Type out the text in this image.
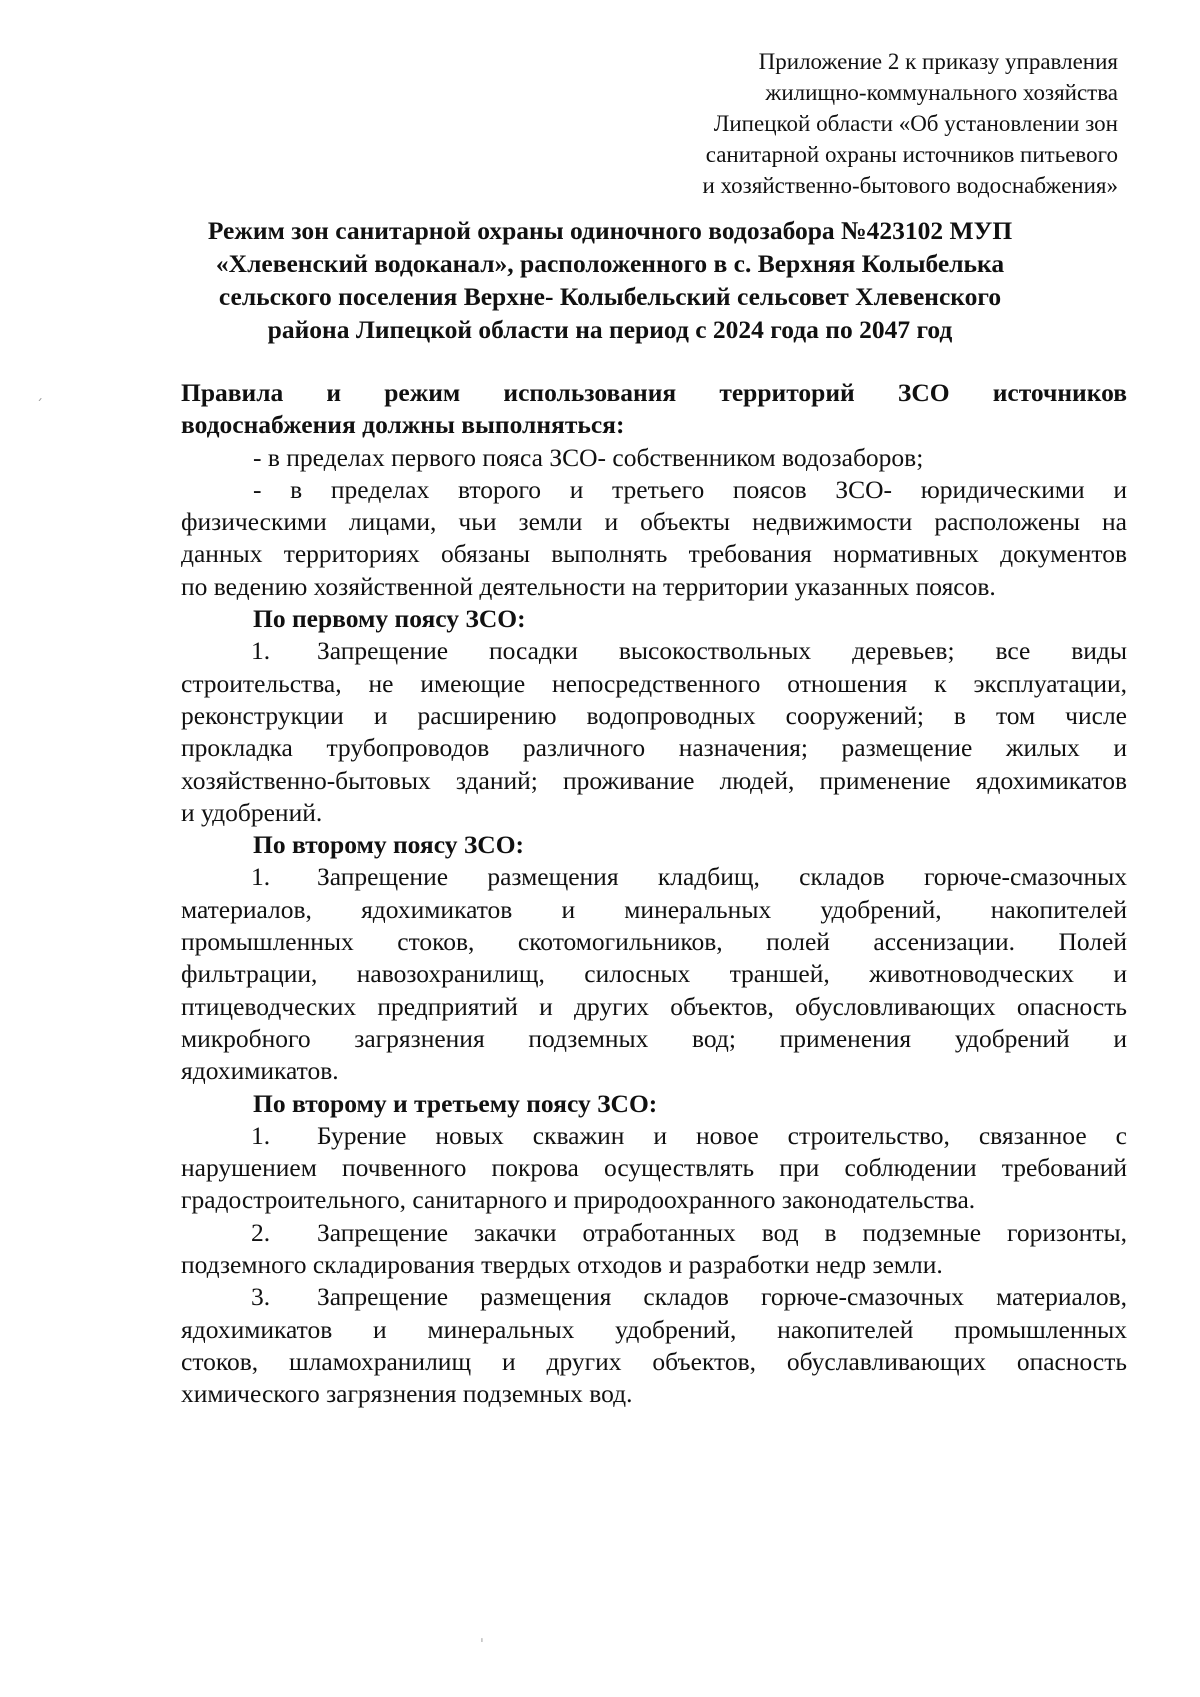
Приложение 2 к приказу управления
жилищно-коммунального хозяйства
Липецкой области «Об установлении зон
санитарной охраны источников питьевого
и хозяйственно-бытового водоснабжения»
Режим зон санитарной охраны одиночного водозабора №423102 МУП
«Хлевенский водоканал», расположенного в с. Верхняя Колыбелька
сельского поселения Верхне- Колыбельский сельсовет Хлевенского
района Липецкой области на период с 2024 года по 2047 год
Правила и режим использования территорий ЗСО источников
водоснабжения должны выполняться:
- в пределах первого пояса ЗСО- собственником водозаборов;
- в пределах второго и третьего поясов ЗСО- юридическими и
физическими лицами, чьи земли и объекты недвижимости расположены на
данных территориях обязаны выполнять требования нормативных документов
по ведению хозяйственной деятельности на территории указанных поясов.
По первому поясу ЗСО:
1. Запрещение посадки высокоствольных деревьев; все виды
строительства, не имеющие непосредственного отношения к эксплуатации,
реконструкции и расширению водопроводных сооружений; в том числе
прокладка трубопроводов различного назначения; размещение жилых и
хозяйственно-бытовых зданий; проживание людей, применение ядохимикатов
и удобрений.
По второму поясу ЗСО:
1. Запрещение размещения кладбищ, складов горюче-смазочных
материалов, ядохимикатов и минеральных удобрений, накопителей
промышленных стоков, скотомогильников, полей ассенизации. Полей
фильтрации, навозохранилищ, силосных траншей, животноводческих и
птицеводческих предприятий и других объектов, обусловливающих опасность
микробного загрязнения подземных вод; применения удобрений и
ядохимикатов.
По второму и третьему поясу ЗСО:
1. Бурение новых скважин и новое строительство, связанное с
нарушением почвенного покрова осуществлять при соблюдении требований
градостроительного, санитарного и природоохранного законодательства.
2. Запрещение закачки отработанных вод в подземные горизонты,
подземного складирования твердых отходов и разработки недр земли.
3. Запрещение размещения складов горюче-смазочных материалов,
ядохимикатов и минеральных удобрений, накопителей промышленных
стоков, шламохранилищ и других объектов, обуславливающих опасность
химического загрязнения подземных вод.
ˊ
ˌ
